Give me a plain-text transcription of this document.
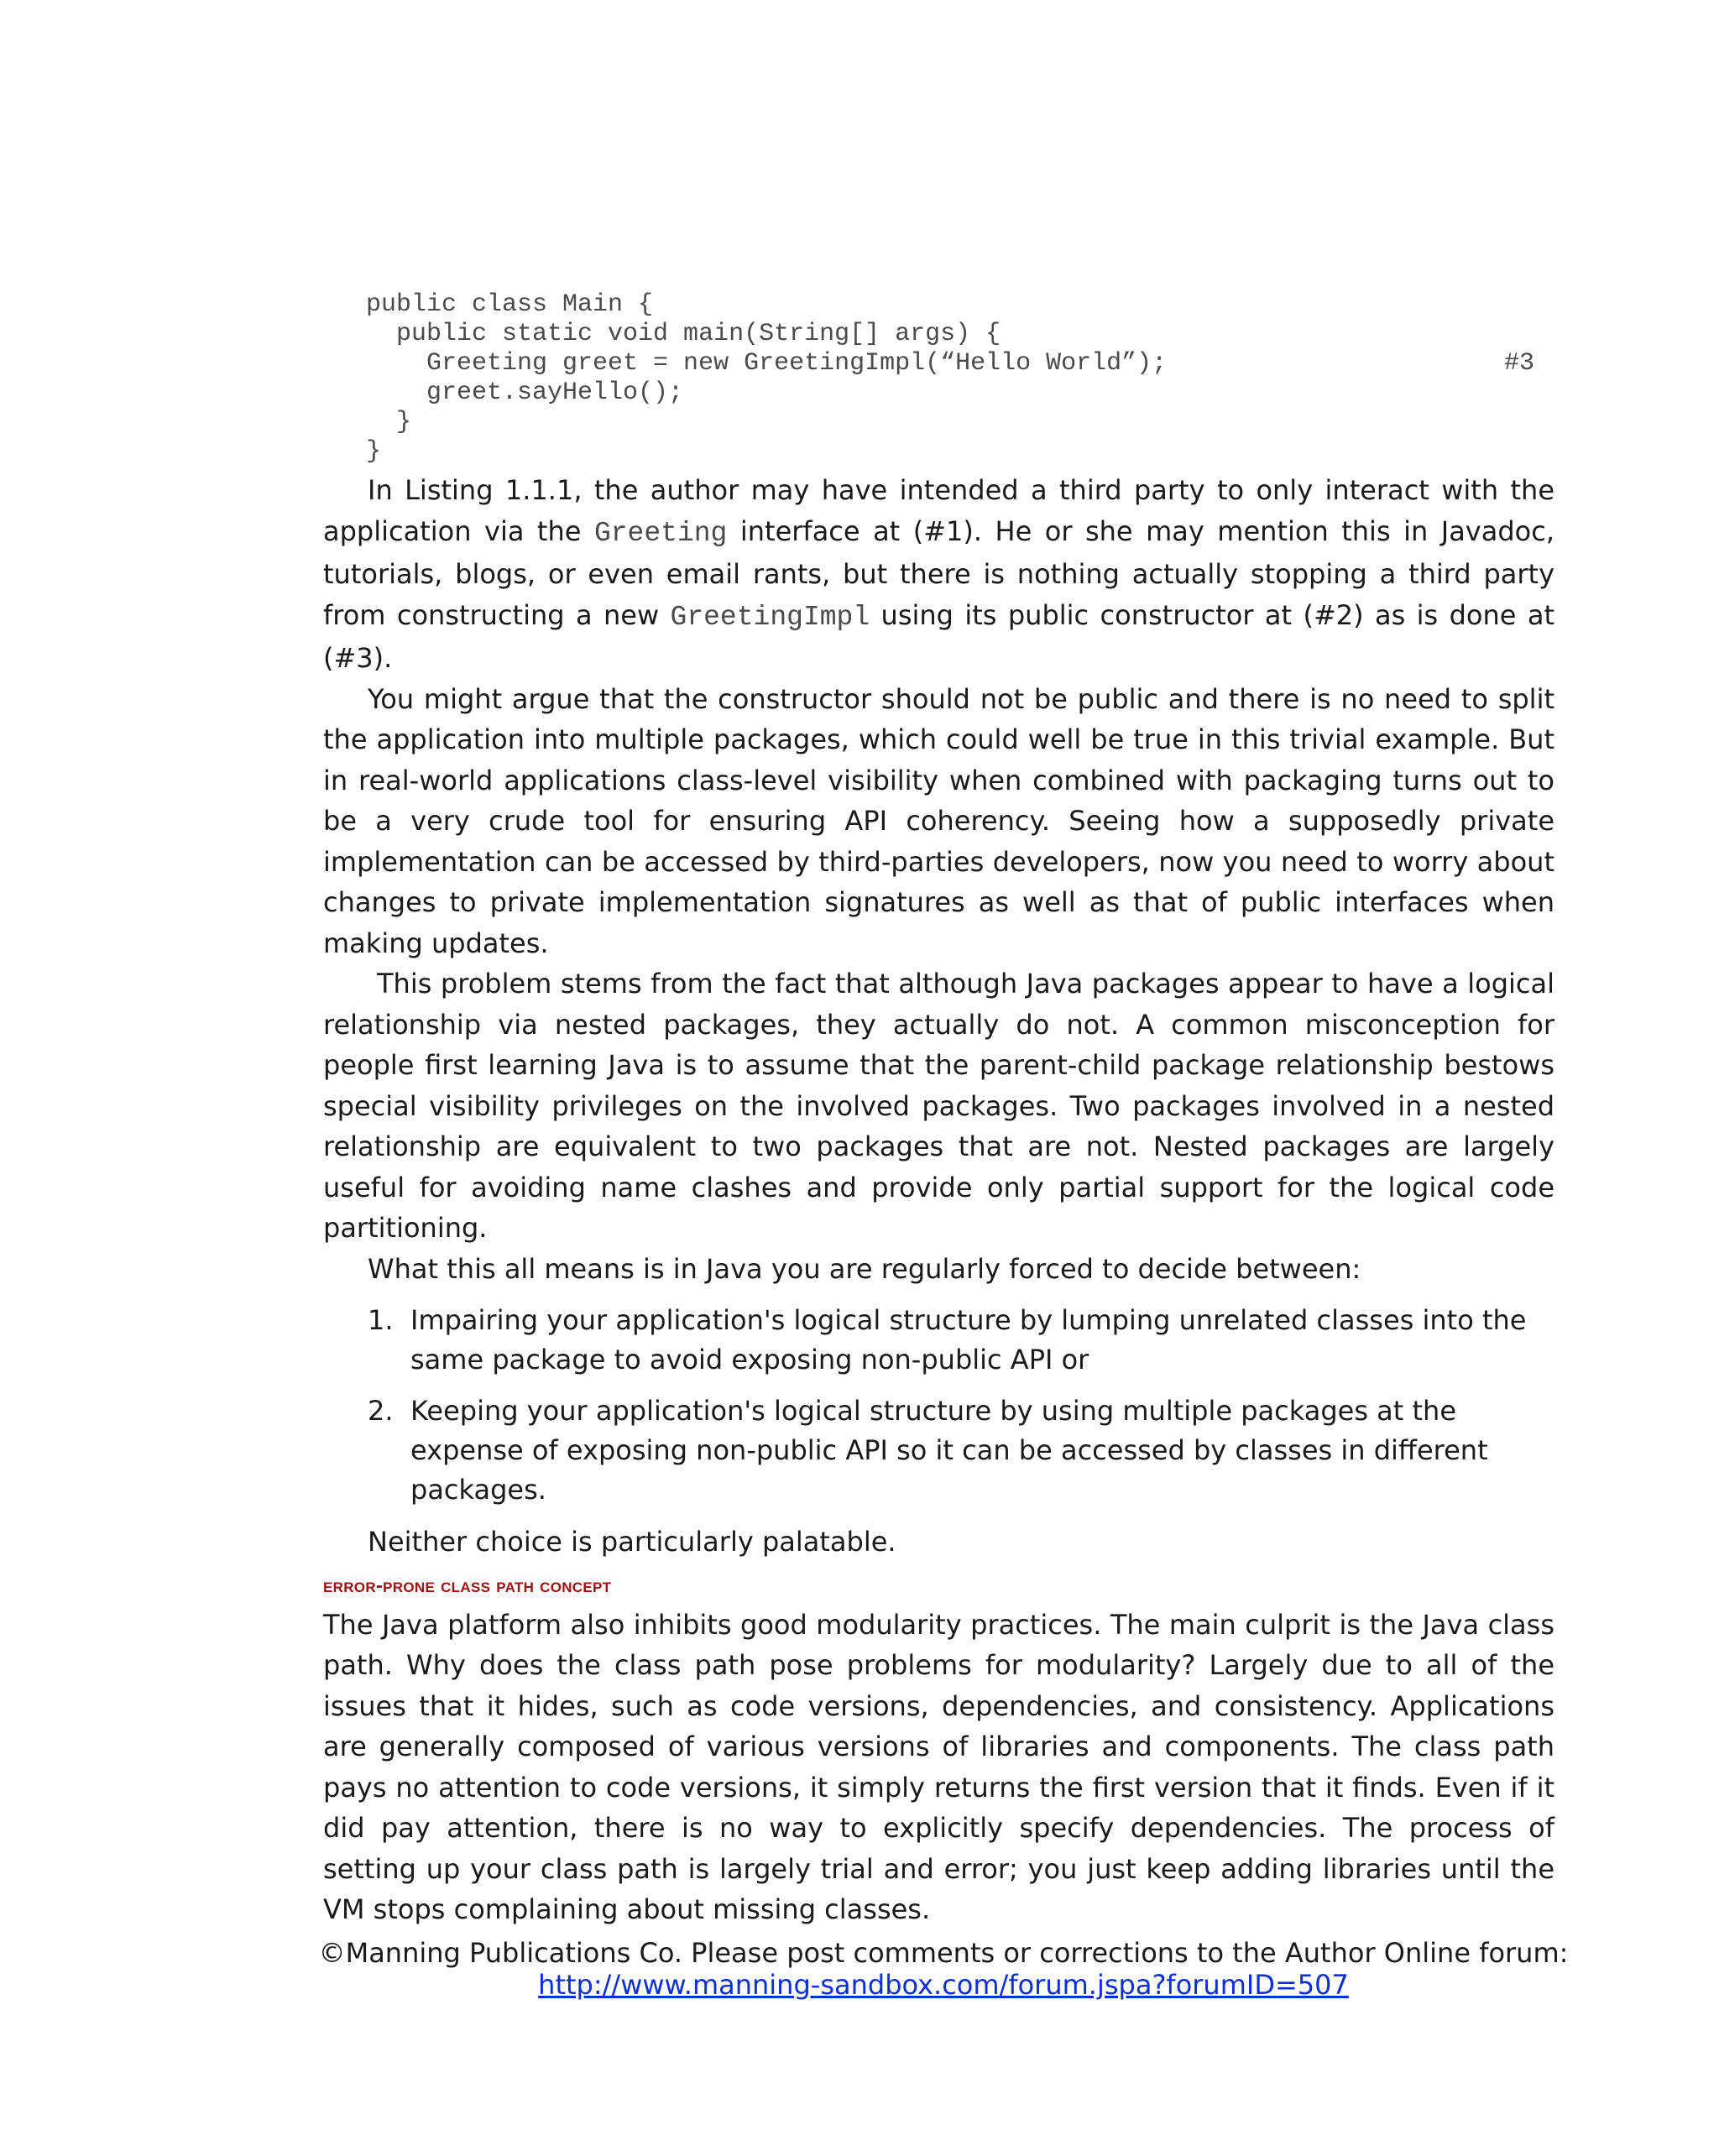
public class Main {
public static void main(String[] args) {
Greeting greet = new GreetingImpl(“Hello World”);	#3
greet.sayHello();
}
}

In Listing 1.1.1, the author may have intended a third party to only interact with the application via the Greeting interface at (#1). He or she may mention this in Javadoc, tutorials, blogs, or even email rants, but there is nothing actually stopping a third party from constructing a new GreetingImpl using its public constructor at (#2) as is done at (#3).

You might argue that the constructor should not be public and there is no need to split the application into multiple packages, which could well be true in this trivial example. But in real-world applications class-level visibility when combined with packaging turns out to be a very crude tool for ensuring API coherency. Seeing how a supposedly private implementation can be accessed by third-parties developers, now you need to worry about changes to private implementation signatures as well as that of public interfaces when making updates.

This problem stems from the fact that although Java packages appear to have a logical relationship via nested packages, they actually do not. A common misconception for people first learning Java is to assume that the parent-child package relationship bestows special visibility privileges on the involved packages. Two packages involved in a nested relationship are equivalent to two packages that are not. Nested packages are largely useful for avoiding name clashes and provide only partial support for the logical code partitioning.

What this all means is in Java you are regularly forced to decide between:

1. Impairing your application's logical structure by lumping unrelated classes into the same package to avoid exposing non-public API or
2. Keeping your application's logical structure by using multiple packages at the expense of exposing non-public API so it can be accessed by classes in different packages.

Neither choice is particularly palatable.

error-prone class path concept

The Java platform also inhibits good modularity practices. The main culprit is the Java class path. Why does the class path pose problems for modularity? Largely due to all of the issues that it hides, such as code versions, dependencies, and consistency. Applications are generally composed of various versions of libraries and components. The class path pays no attention to code versions, it simply returns the first version that it finds. Even if it did pay attention, there is no way to explicitly specify dependencies. The process of setting up your class path is largely trial and error; you just keep adding libraries until the VM stops complaining about missing classes.

©Manning Publications Co. Please post comments or corrections to the Author Online forum:
http://www.manning-sandbox.com/forum.jspa?forumID=507
